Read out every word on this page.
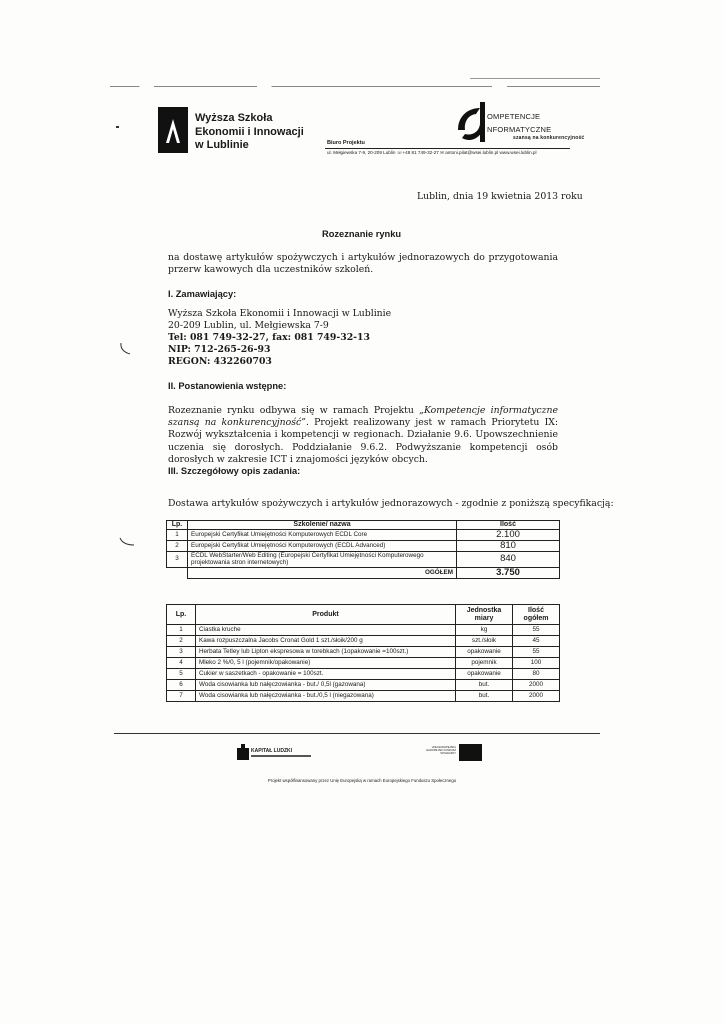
Wyższa Szkoła
Ekonomii i Innowacji
w Lublinie
OMPETENCJE
NFORMATYCZNE
szansą na konkurencyjność
Biuro Projektu
ul. Mełgiewska 7-9, 20-209 Lublin ☏+48 81 749-32-27 ✉ antoni.pilat@wsei.lublin.pl www.wsei.lublin.pl
Lublin, dnia 19 kwietnia 2013 roku
Rozeznanie rynku
na dostawę artykułów spożywczych i artykułów jednorazowych do przygotowania przerw kawowych dla uczestników szkoleń.
I. Zamawiający:
Wyższa Szkoła Ekonomii i Innowacji w Lublinie
20-209 Lublin, ul. Mełgiewska 7-9
Tel: 081 749-32-27, fax: 081 749-32-13
NIP: 712-265-26-93
REGON: 432260703
II. Postanowienia wstępne:
Rozeznanie rynku odbywa się w ramach Projektu „Kompetencje informatyczne szansą na konkurencyjność”. Projekt realizowany jest w ramach Priorytetu IX: Rozwój wykształcenia i kompetencji w regionach. Działanie 9.6. Upowszechnienie uczenia się dorosłych. Poddziałanie 9.6.2. Podwyższanie kompetencji osób dorosłych w zakresie ICT i znajomości języków obcych.
III. Szczegółowy opis zadania:
Dostawa artykułów spożywczych i artykułów jednorazowych - zgodnie z poniższą specyfikacją:
Lp.	Szkolenie/ nazwa	Ilość
1	Europejski Certyfikat Umiejętności Komputerowych ECDL Core	2.100
2	Europejski Certyfikat Umiejętności Komputerowych (ECDL Advanced)	810
3	ECDL WebStarter/Web Editing (Europejski Certyfikat Umiejętności Komputerowego projektowania stron internetowych)	840
	OGÓŁEM	3.750
Lp.	Produkt	Jednostka miary	Ilość ogółem
1	Ciastka kruche	kg	55
2	Kawa rozpuszczalna Jacobs Cronat Gold 1 szt./słoik/200 g	szt./słoik	45
3	Herbata Tetley lub Lipton ekspresowa w torebkach (1opakowanie =100szt.)	opakowanie	55
4	Mleko 2 %/0, 5 l (pojemnik/opakowanie)	pojemnik	100
5	Cukier w saszetkach - opakowanie = 100szt.	opakowanie	80
6	Woda cisowianka lub nałęczowianka - but./ 0,5l (gazowana)	but.	2000
7	Woda cisowianka lub nałęczowianka - but./0,5 l (niegazowana)	but.	2000
KAPITAŁ LUDZKI
UNIA EUROPEJSKA EUROPEJSKI FUNDUSZ SPOŁECZNY
Projekt współfinansowany przez Unię Europejską w ramach Europejskiego Funduszu Społecznego
